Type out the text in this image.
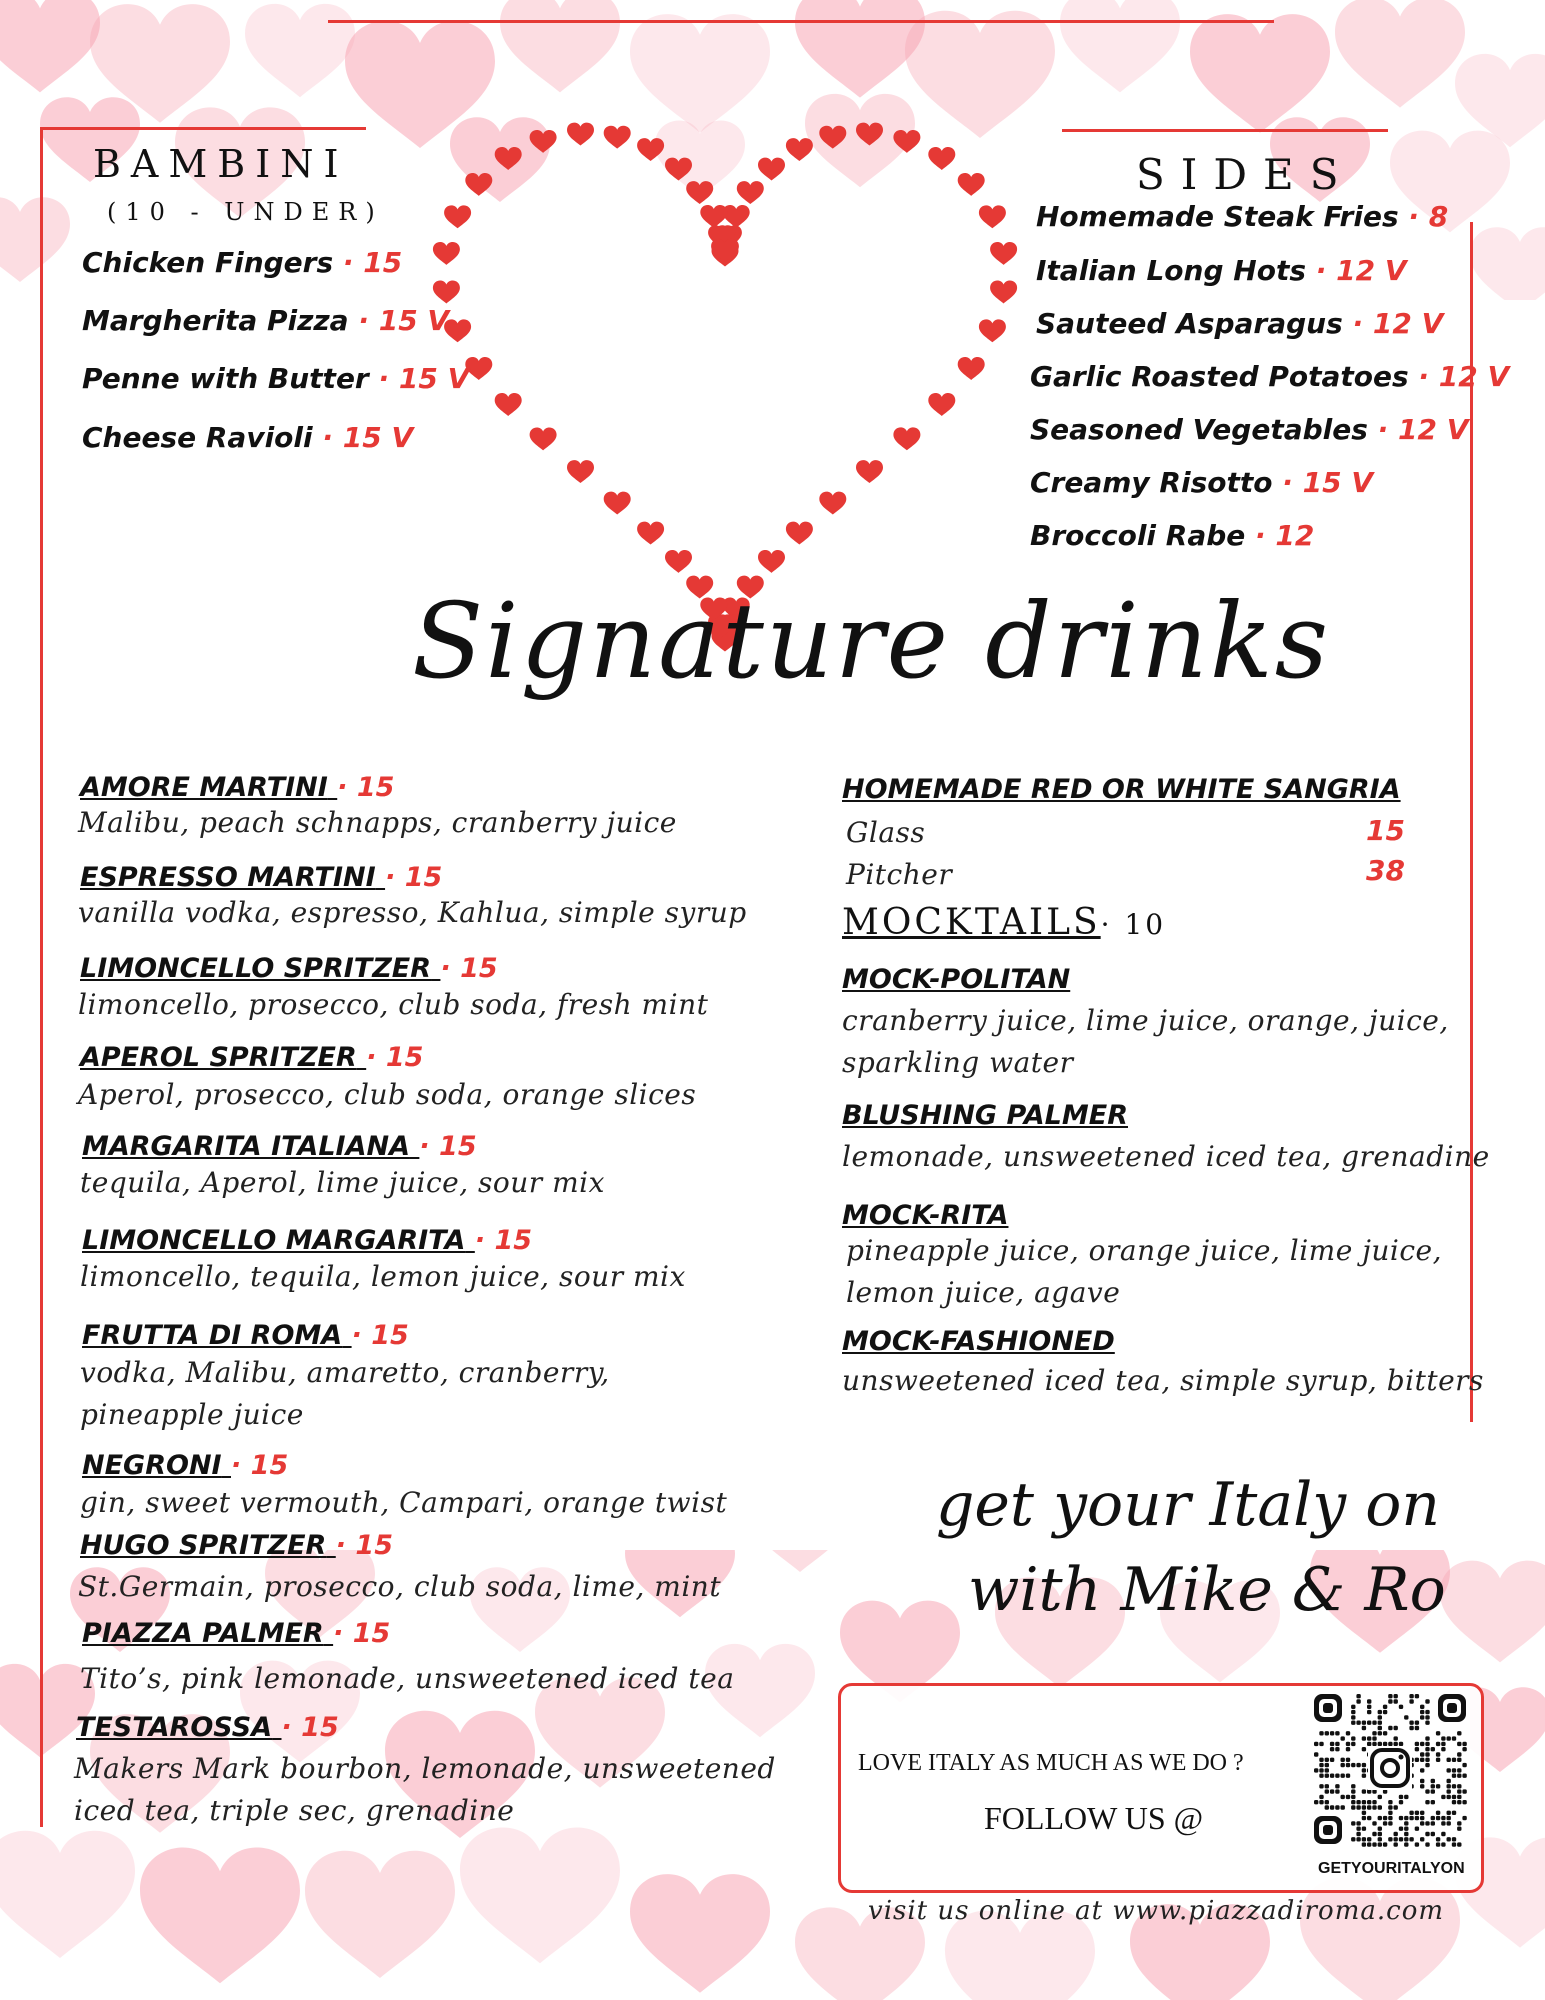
BAMBINI
(10 - UNDER)
Chicken Fingers · 15
Margherita Pizza · 15 V
Penne with Butter · 15 V
Cheese Ravioli · 15 V
SIDES
Homemade Steak Fries · 8
Italian Long Hots · 12 V
Sauteed Asparagus · 12 V
Garlic Roasted Potatoes · 12 V
Seasoned Vegetables · 12 V
Creamy Risotto · 15 V
Broccoli Rabe · 12
Signature drinks
AMORE MARTINI · 15
Malibu, peach schnapps, cranberry juice
ESPRESSO MARTINI · 15
vanilla vodka, espresso, Kahlua, simple syrup
LIMONCELLO SPRITZER · 15
limoncello, prosecco, club soda, fresh mint
APEROL SPRITZER · 15
Aperol, prosecco, club soda, orange slices
MARGARITA ITALIANA · 15
tequila, Aperol, lime juice, sour mix
LIMONCELLO MARGARITA · 15
limoncello, tequila, lemon juice, sour mix
FRUTTA DI ROMA · 15
vodka, Malibu, amaretto, cranberry,
pineapple juice
NEGRONI · 15
gin, sweet vermouth, Campari, orange twist
HUGO SPRITZER · 15
St.Germain, prosecco, club soda, lime, mint
PIAZZA PALMER · 15
Tito’s, pink lemonade, unsweetened iced tea
TESTAROSSA · 15
Makers Mark bourbon, lemonade, unsweetened
iced tea, triple sec, grenadine
HOMEMADE RED OR WHITE SANGRIA
Glass	15
Pitcher	38
MOCKTAILS· 10
MOCK-POLITAN
cranberry juice, lime juice, orange, juice,
sparkling water
BLUSHING PALMER
lemonade, unsweetened iced tea, grenadine
MOCK-RITA
pineapple juice, orange juice, lime juice,
lemon juice, agave
MOCK-FASHIONED
unsweetened iced tea, simple syrup, bitters
get your Italy on
with Mike & Ro
LOVE ITALY AS MUCH AS WE DO ?
FOLLOW US @
GETYOURITALYON
visit us online at www.piazzadiroma.com
